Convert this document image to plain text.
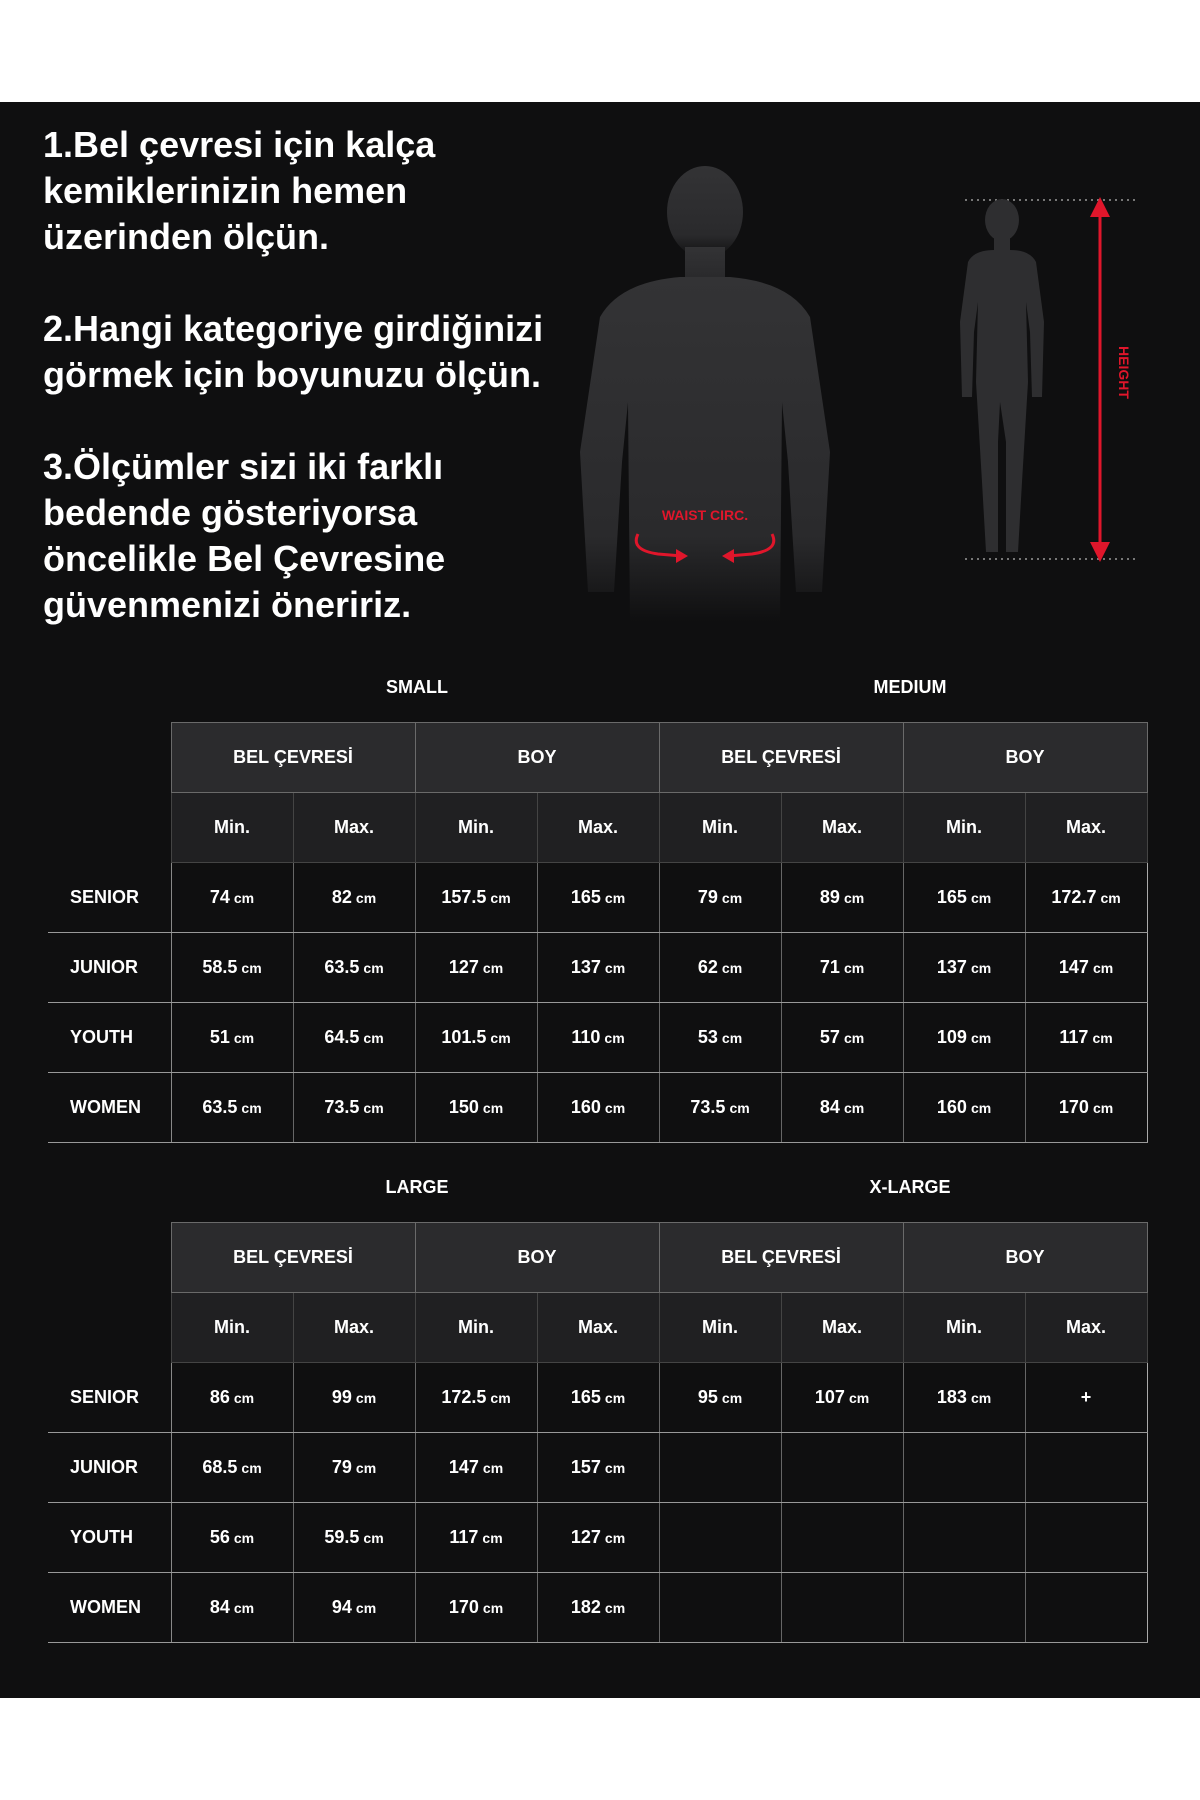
1.Bel çevresi için kalça
kemiklerinizin hemen
üzerinden ölçün.

2.Hangi kategoriye girdiğinizi
görmek için boyunuzu ölçün.

3.Ölçümler sizi iki farklı
bedende gösteriyorsa
öncelikle Bel Çevresine
güvenmenizi öneririz.

WAIST CIRC.
HEIGHT
SMALL	MEDIUM
	BEL ÇEVRESİ		BOY		BEL ÇEVRESİ		BOY	
	Min.	Max.	Min.	Max.	Min.	Max.	Min.	Max.
SENIOR	74 cm	82 cm	157.5 cm	165 cm	79 cm	89 cm	165 cm	172.7 cm
JUNIOR	58.5 cm	63.5 cm	127 cm	137 cm	62 cm	71 cm	137 cm	147 cm
YOUTH	51 cm	64.5 cm	101.5 cm	110 cm	53 cm	57 cm	109 cm	117 cm
WOMEN	63.5 cm	73.5 cm	150 cm	160 cm	73.5 cm	84 cm	160 cm	170 cm
LARGE	X-LARGE
	BEL ÇEVRESİ		BOY		BEL ÇEVRESİ		BOY	
	Min.	Max.	Min.	Max.	Min.	Max.	Min.	Max.
SENIOR	86 cm	99 cm	172.5 cm	165 cm	95 cm	107 cm	183 cm	+
JUNIOR	68.5 cm	79 cm	147 cm	157 cm				
YOUTH	56 cm	59.5 cm	117 cm	127 cm				
WOMEN	84 cm	94 cm	170 cm	182 cm				
